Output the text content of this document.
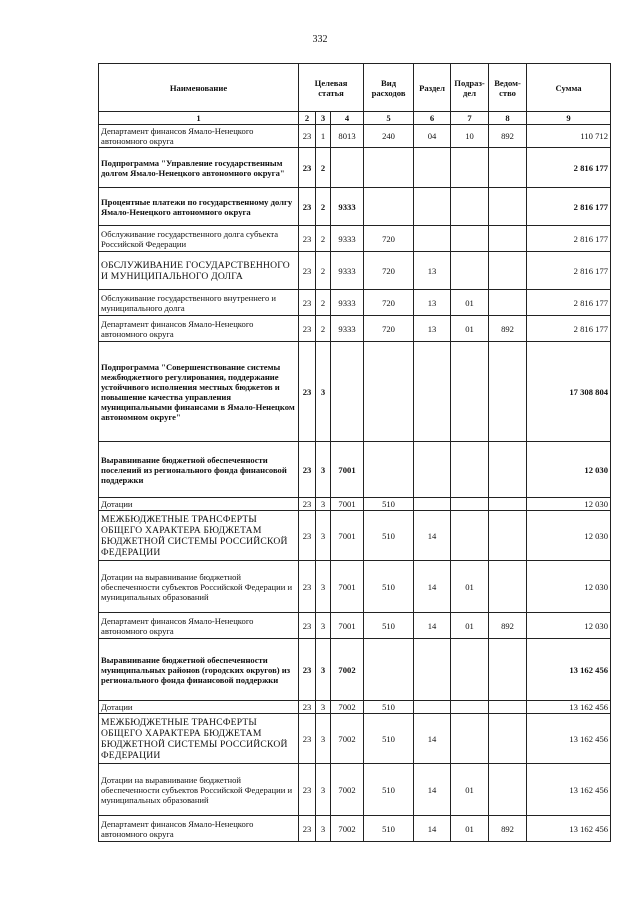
332
Наименование	Целевая статья			Вид расходов	Раздел	Подраз-дел	Ведом-ство	Сумма
1	2	3	4	5	6	7	8	9
Департамент финансов Ямало-Ненецкого автономного округа	23	1	8013	240	04	10	892	110 712
Подпрограмма "Управление государственным долгом Ямало-Ненецкого автономного округа"	23	2						2 816 177
Процентные платежи по государственному долгу Ямало-Ненецкого автономного округа	23	2	9333					2 816 177
Обслуживание государственного долга субъекта Российской Федерации	23	2	9333	720				2 816 177
ОБСЛУЖИВАНИЕ ГОСУДАРСТВЕННОГО И МУНИЦИПАЛЬНОГО ДОЛГА	23	2	9333	720	13			2 816 177
Обслуживание государственного внутреннего и муниципального долга	23	2	9333	720	13	01		2 816 177
Департамент финансов Ямало-Ненецкого автономного округа	23	2	9333	720	13	01	892	2 816 177
Подпрограмма "Совершенствование системы межбюджетного регулирования, поддержание устойчивого исполнения местных бюджетов и повышение качества управления муниципальными финансами в Ямало-Ненецком автономном округе"	23	3						17 308 804
Выравнивание бюджетной обеспеченности поселений из регионального фонда финансовой поддержки	23	3	7001					12 030
Дотации	23	3	7001	510				12 030
МЕЖБЮДЖЕТНЫЕ ТРАНСФЕРТЫ ОБЩЕГО ХАРАКТЕРА БЮДЖЕТАМ БЮДЖЕТНОЙ СИСТЕМЫ РОССИЙСКОЙ ФЕДЕРАЦИИ	23	3	7001	510	14			12 030
Дотации на выравнивание бюджетной обеспеченности субъектов Российской Федерации и муниципальных образований	23	3	7001	510	14	01		12 030
Департамент финансов Ямало-Ненецкого автономного округа	23	3	7001	510	14	01	892	12 030
Выравнивание бюджетной обеспеченности муниципальных районов (городских округов) из регионального фонда финансовой поддержки	23	3	7002					13 162 456
Дотации	23	3	7002	510				13 162 456
МЕЖБЮДЖЕТНЫЕ ТРАНСФЕРТЫ ОБЩЕГО ХАРАКТЕРА БЮДЖЕТАМ БЮДЖЕТНОЙ СИСТЕМЫ РОССИЙСКОЙ ФЕДЕРАЦИИ	23	3	7002	510	14			13 162 456
Дотации на выравнивание бюджетной обеспеченности субъектов Российской Федерации и муниципальных образований	23	3	7002	510	14	01		13 162 456
Департамент финансов Ямало-Ненецкого автономного округа	23	3	7002	510	14	01	892	13 162 456
